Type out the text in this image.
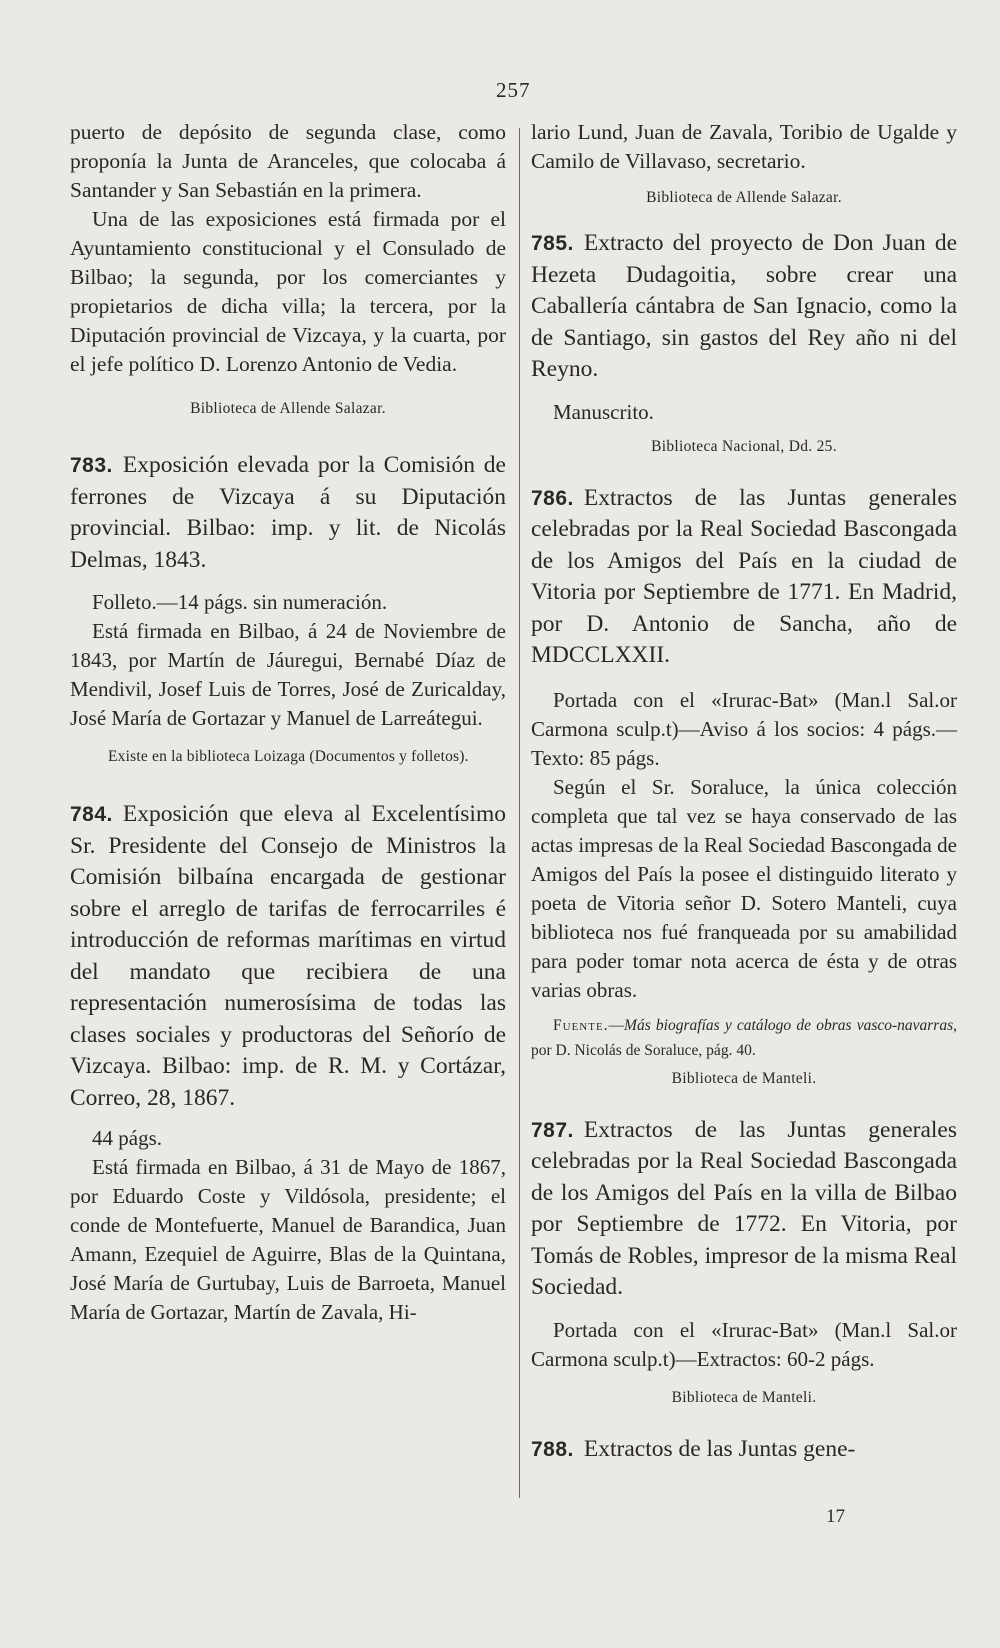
257

puerto de depósito de segunda clase, como proponía la Junta de Aranceles, que colocaba á Santander y San Sebastián en la primera.

Una de las exposiciones está firmada por el Ayuntamiento constitucional y el Consulado de Bilbao; la segunda, por los comerciantes y propietarios de dicha villa; la tercera, por la Diputación provincial de Vizcaya, y la cuarta, por el jefe político D. Lorenzo Antonio de Vedia.

Biblioteca de Allende Salazar.

783. Exposición elevada por la Comisión de ferrones de Vizcaya á su Diputación provincial. Bilbao: imp. y lit. de Nicolás Delmas, 1843.

Folleto.—14 págs. sin numeración.

Está firmada en Bilbao, á 24 de Noviembre de 1843, por Martín de Jáuregui, Bernabé Díaz de Mendivil, Josef Luis de Torres, José de Zuricalday, José María de Gortazar y Manuel de Larreátegui.

Existe en la biblioteca Loizaga (Documentos y folletos).

784. Exposición que eleva al Excelentísimo Sr. Presidente del Consejo de Ministros la Comisión bilbaína encargada de gestionar sobre el arreglo de tarifas de ferrocarriles é introducción de reformas marítimas en virtud del mandato que recibiera de una representación numerosísima de todas las clases sociales y productoras del Señorío de Vizcaya. Bilbao: imp. de R. M. y Cortázar, Correo, 28, 1867.

44 págs.

Está firmada en Bilbao, á 31 de Mayo de 1867, por Eduardo Coste y Vildósola, presidente; el conde de Montefuerte, Manuel de Barandica, Juan Amann, Ezequiel de Aguirre, Blas de la Quintana, José María de Gurtubay, Luis de Barroeta, Manuel María de Gortazar, Martín de Zavala, Hi-

lario Lund, Juan de Zavala, Toribio de Ugalde y Camilo de Villavaso, secretario.

Biblioteca de Allende Salazar.

785. Extracto del proyecto de Don Juan de Hezeta Dudagoitia, sobre crear una Caballería cántabra de San Ignacio, como la de Santiago, sin gastos del Rey año ni del Reyno.

Manuscrito.

Biblioteca Nacional, Dd. 25.

786. Extractos de las Juntas generales celebradas por la Real Sociedad Bascongada de los Amigos del País en la ciudad de Vitoria por Septiembre de 1771. En Madrid, por D. Antonio de Sancha, año de MDCCLXXII.

Portada con el «Irurac-Bat» (Man.l Sal.or Carmona sculp.t)—Aviso á los socios: 4 págs.—Texto: 85 págs.

Según el Sr. Soraluce, la única colección completa que tal vez se haya conservado de las actas impresas de la Real Sociedad Bascongada de Amigos del País la posee el distinguido literato y poeta de Vitoria señor D. Sotero Manteli, cuya biblioteca nos fué franqueada por su amabilidad para poder tomar nota acerca de ésta y de otras varias obras.

Fuente.—Más biografías y catálogo de obras vasco-navarras, por D. Nicolás de Soraluce, pág. 40.

Biblioteca de Manteli.

787. Extractos de las Juntas generales celebradas por la Real Sociedad Bascongada de los Amigos del País en la villa de Bilbao por Septiembre de 1772. En Vitoria, por Tomás de Robles, impresor de la misma Real Sociedad.

Portada con el «Irurac-Bat» (Man.l Sal.or Carmona sculp.t)—Extractos: 60-2 págs.

Biblioteca de Manteli.

788. Extractos de las Juntas gene-

17
